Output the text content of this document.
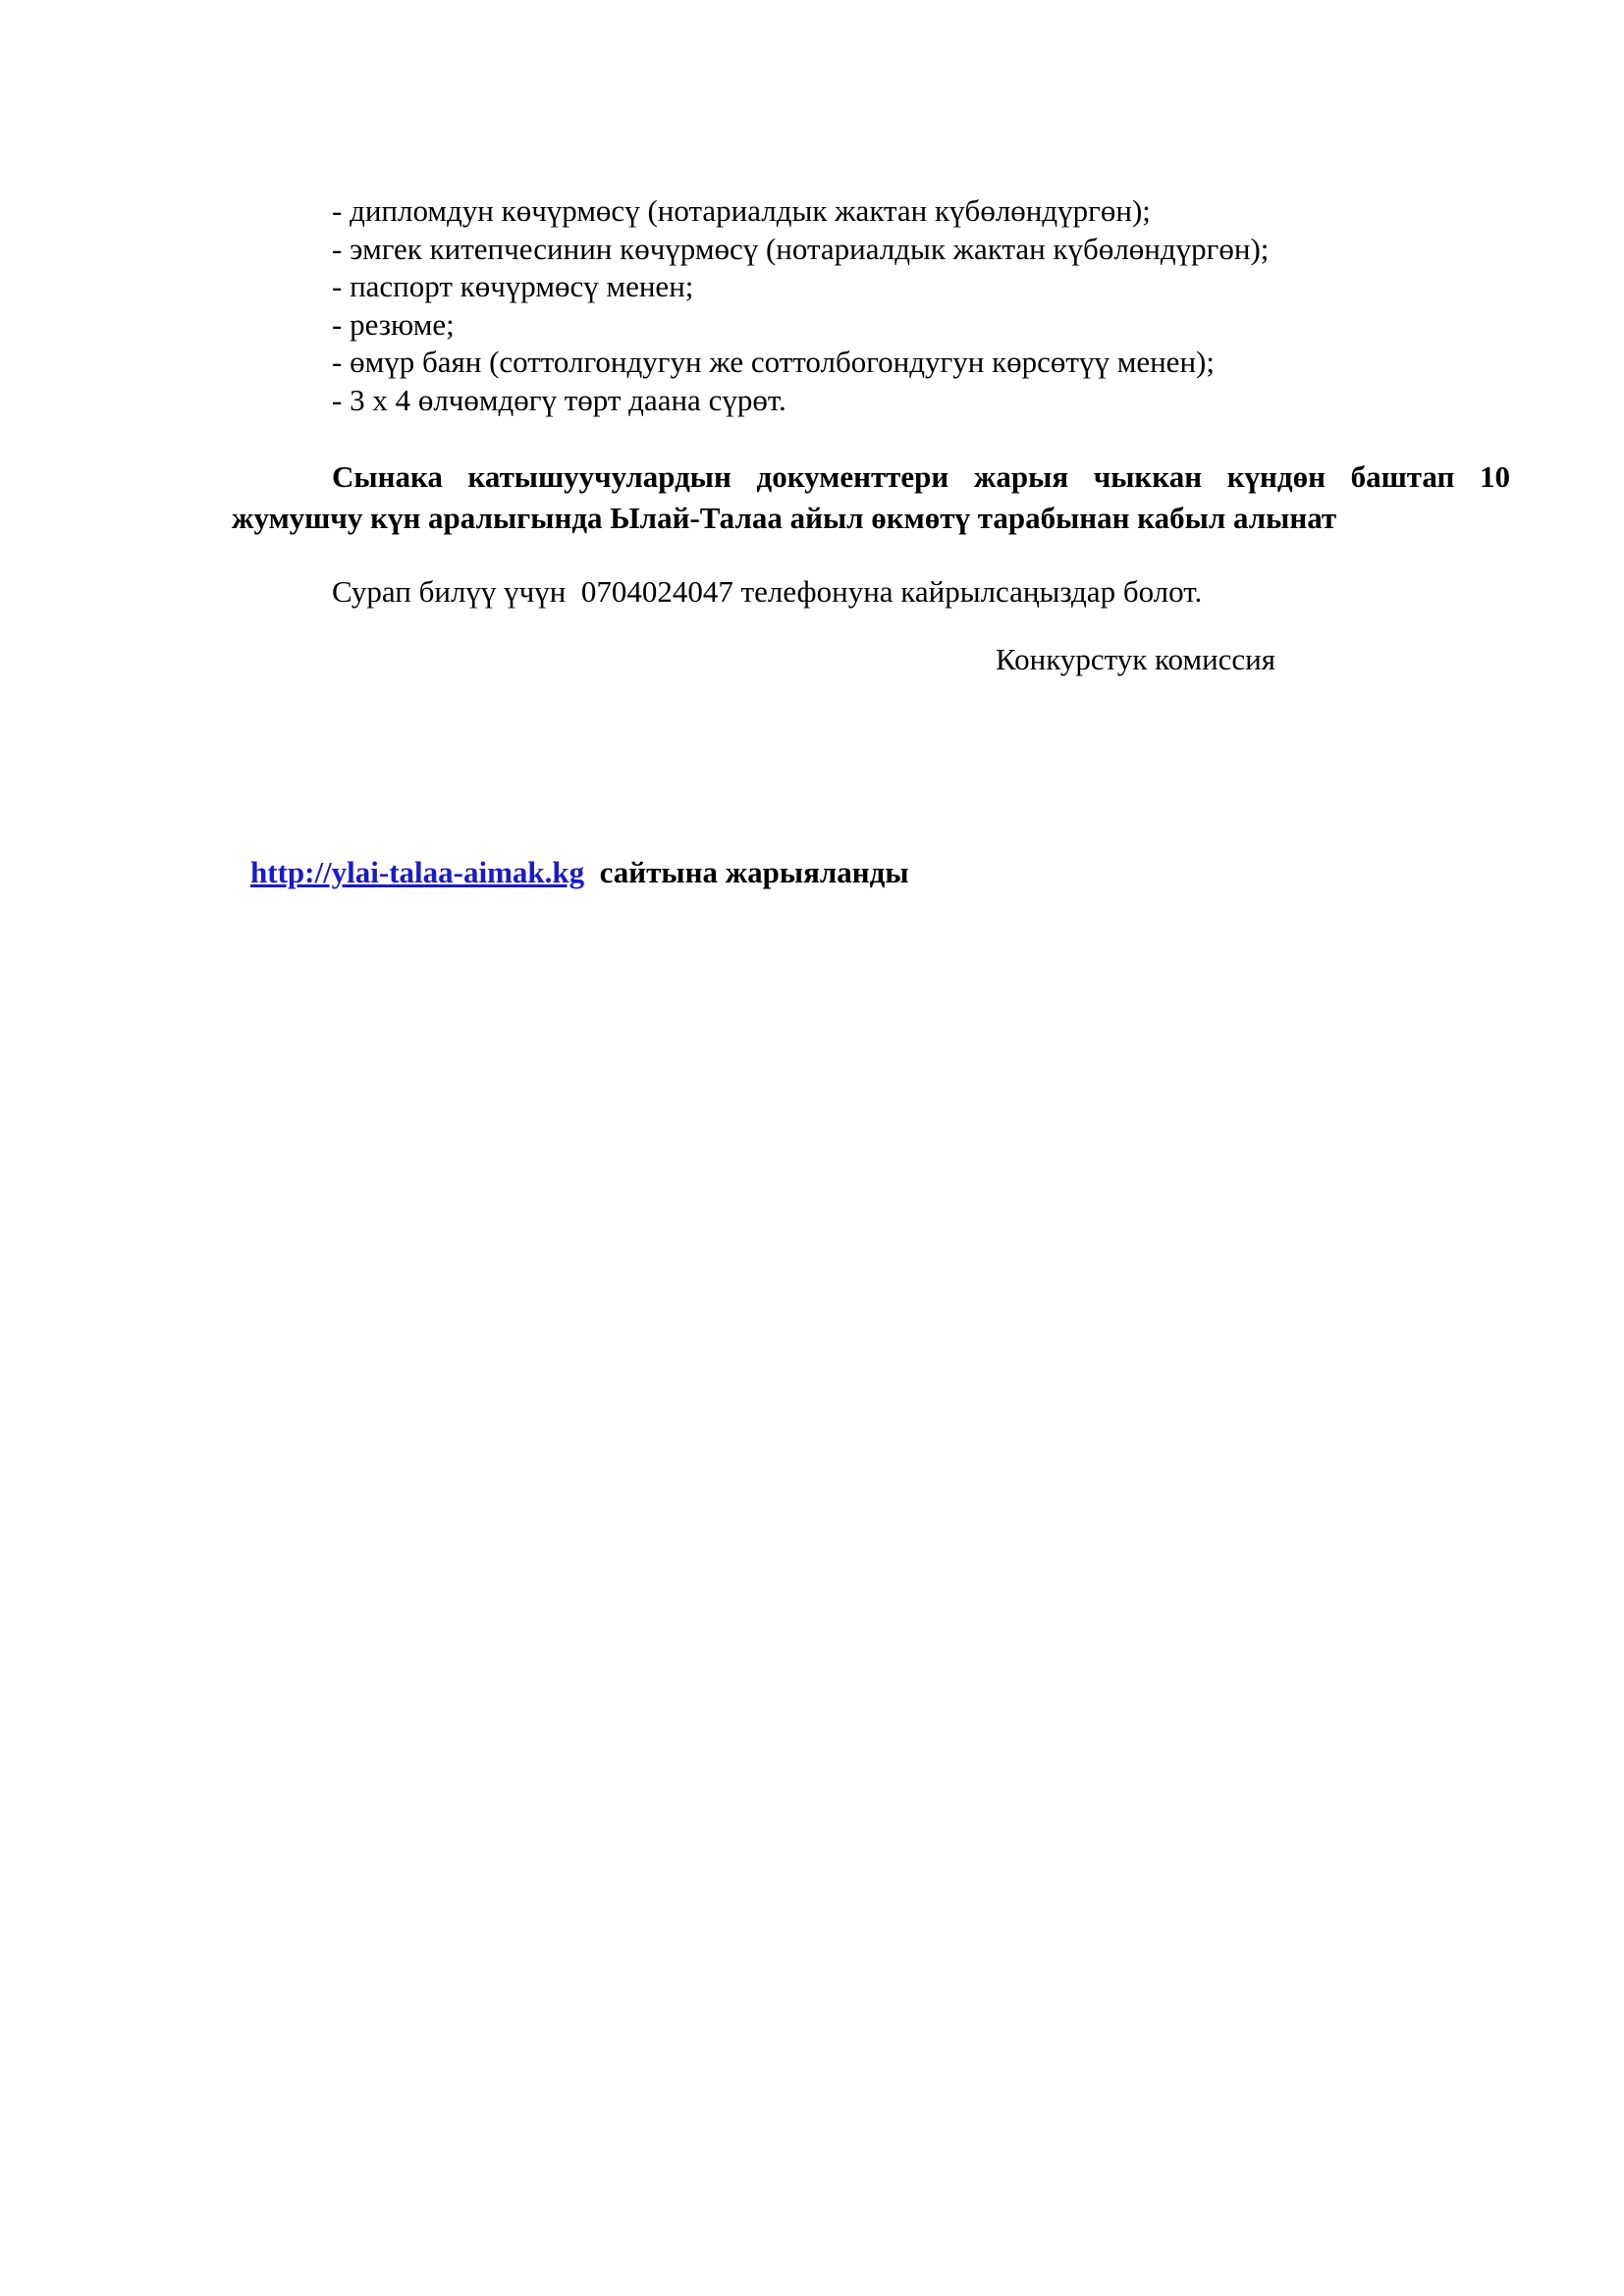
- дипломдун көчүрмөсү (нотариалдык жактан күбөлөндүргөн);
- эмгек китепчесинин көчүрмөсү (нотариалдык жактан күбөлөндүргөн);
- паспорт көчүрмөсү менен;
- резюме;
- өмүр баян (соттолгондугун же соттолбогондугун көрсөтүү менен);
- 3 х 4 өлчөмдөгү төрт даана сүрөт.

Сынака катышуучулардын документтери жарыя чыккан күндөн баштап 10 жумушчу күн аралыгында Ылай-Талаа айыл өкмөтү тарабынан кабыл алынат

Сурап билүү үчүн  0704024047 телефонуна кайрылсаңыздар болот.

Конкурстук комиссия

http://ylai-talaa-aimak.kg  сайтына жарыяланды
